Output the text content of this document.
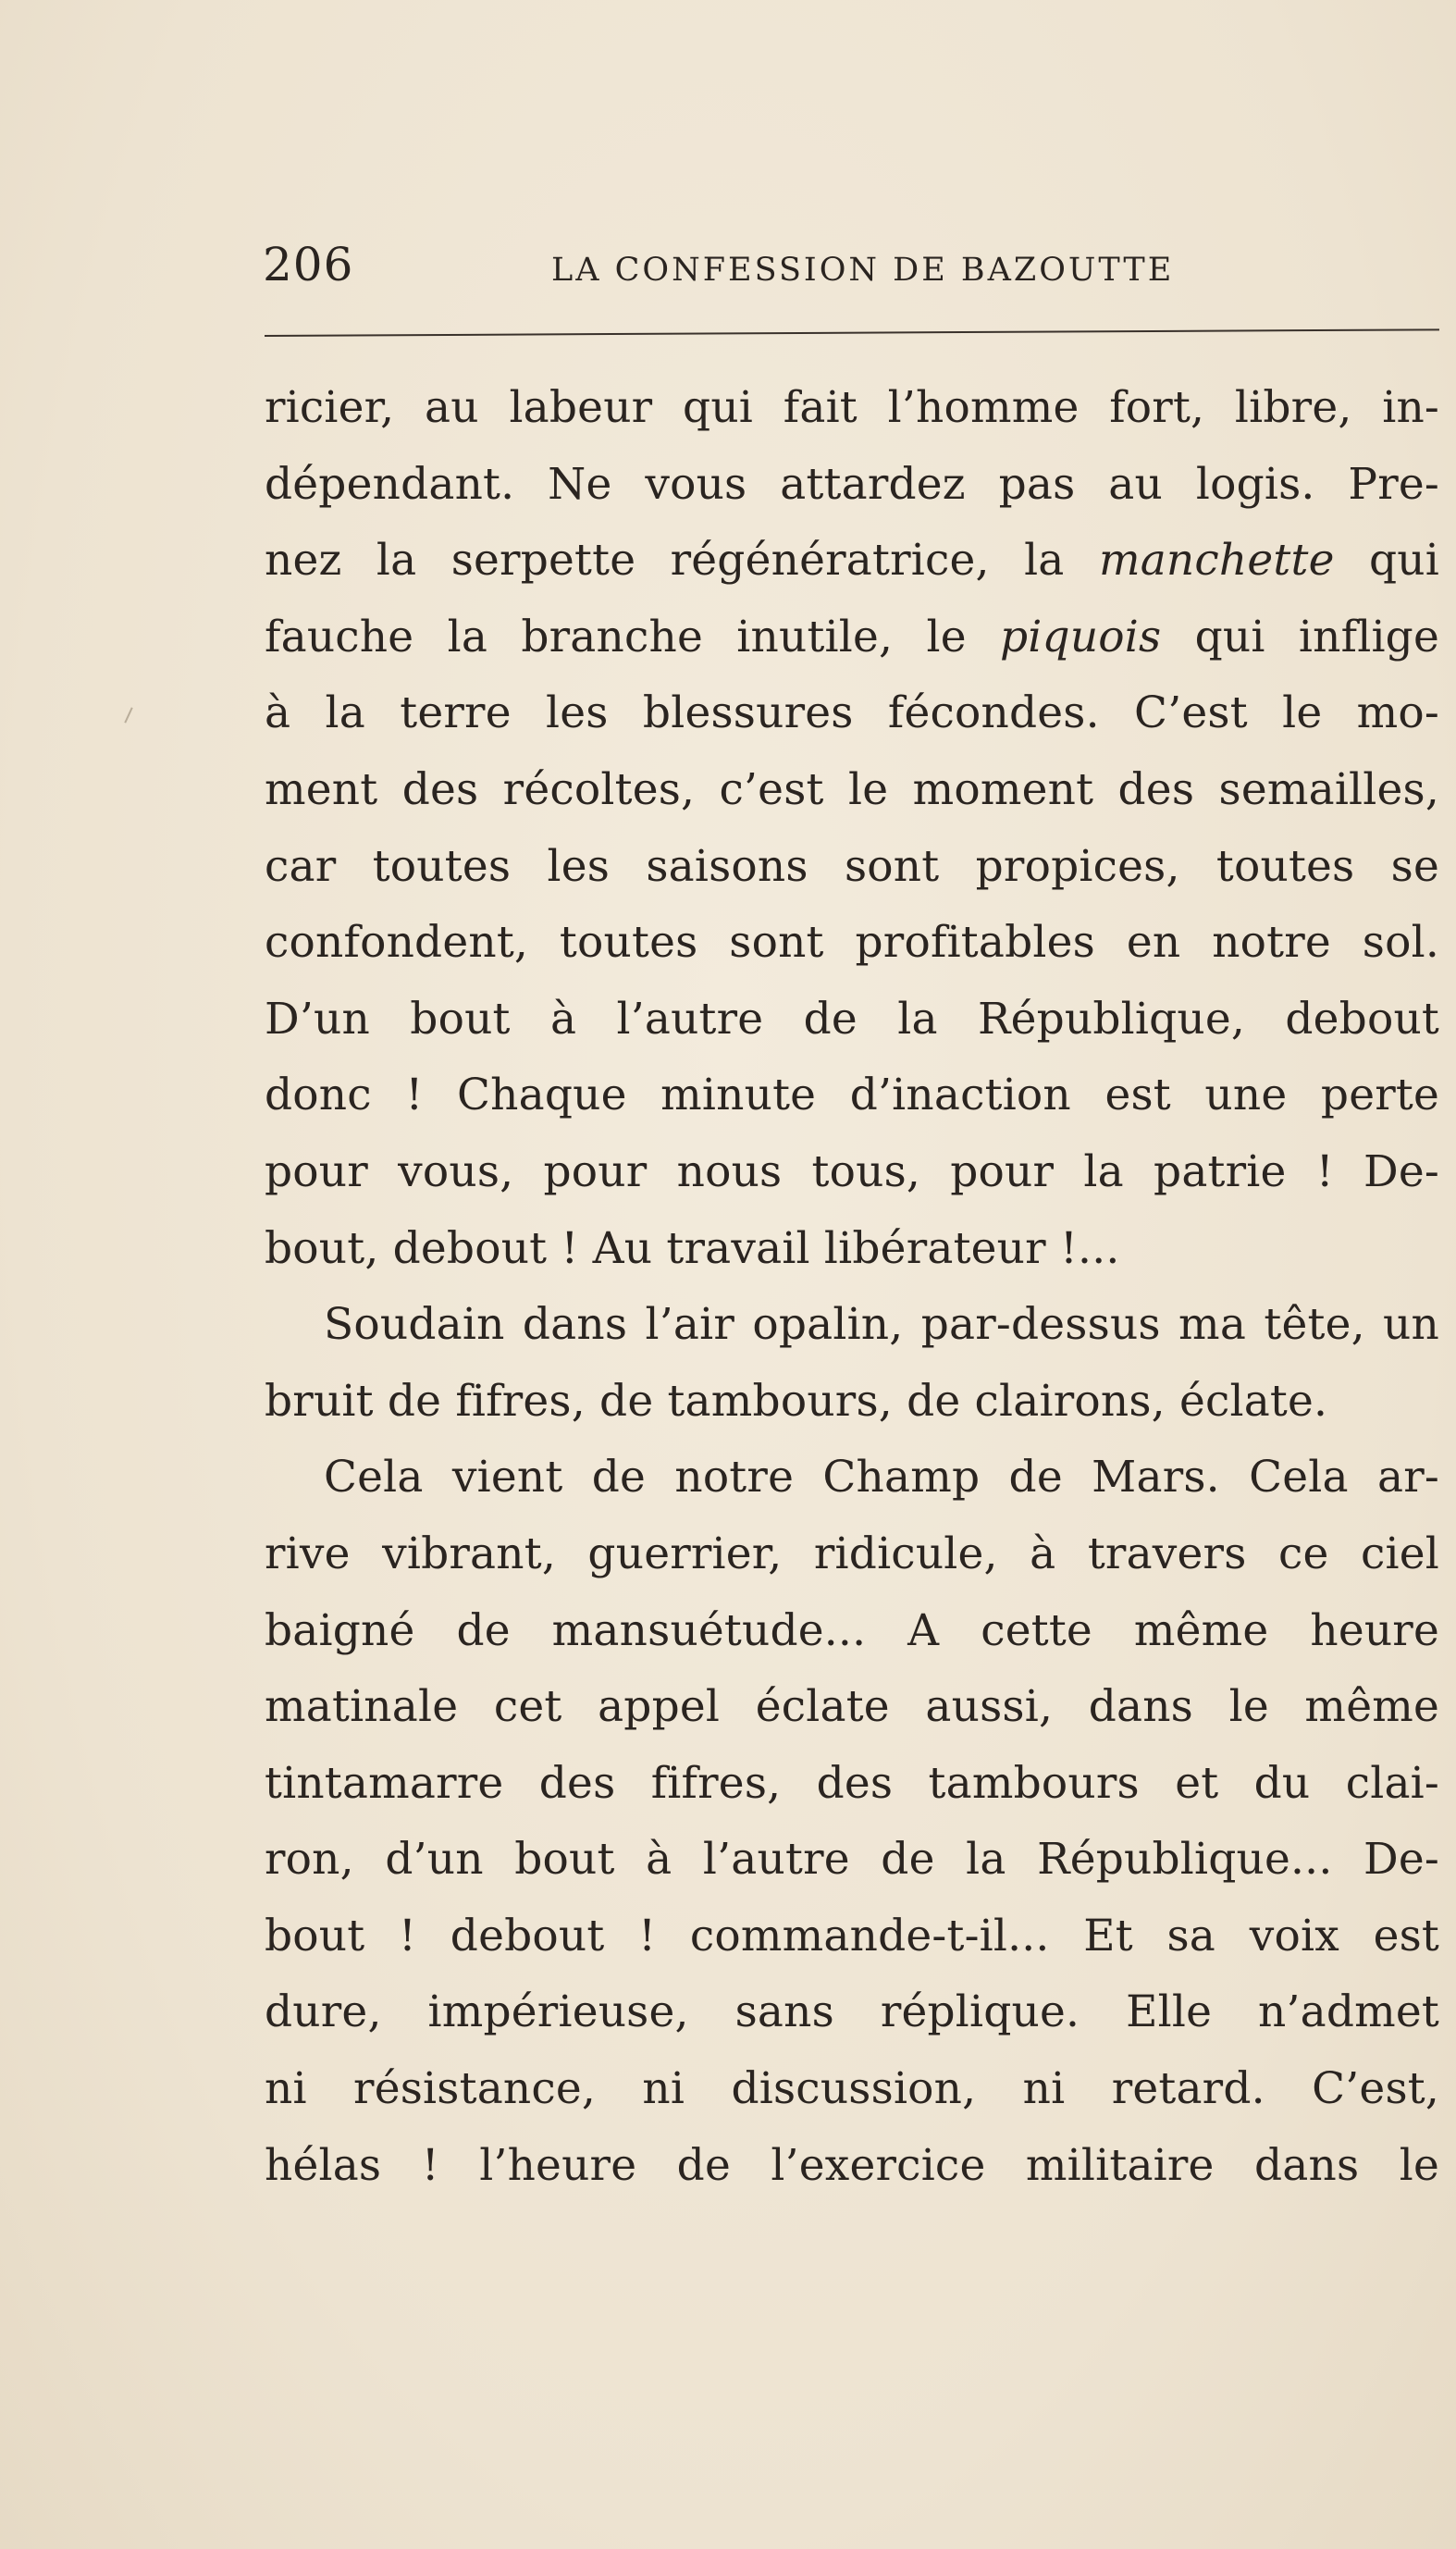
206	LA CONFESSION DE BAZOUTTE
ricier, au labeur qui fait l’homme fort, libre, in-
dépendant. Ne vous attardez pas au logis. Pre-
nez la serpette régénératrice, la manchette qui
fauche la branche inutile, le piquois qui inflige
à la terre les blessures fécondes. C’est le mo-
ment des récoltes, c’est le moment des semailles,
car toutes les saisons sont propices, toutes se
confondent, toutes sont profitables en notre sol.
D’un bout à l’autre de la République, debout
donc ! Chaque minute d’inaction est une perte
pour vous, pour nous tous, pour la patrie ! De-
bout, debout ! Au travail libérateur !...
Soudain dans l’air opalin, par-dessus ma tête, un
bruit de fifres, de tambours, de clairons, éclate.
Cela vient de notre Champ de Mars. Cela ar-
rive vibrant, guerrier, ridicule, à travers ce ciel
baigné de mansuétude... A cette même heure
matinale cet appel éclate aussi, dans le même
tintamarre des fifres, des tambours et du clai-
ron, d’un bout à l’autre de la République... De-
bout ! debout ! commande-t-il... Et sa voix est
dure, impérieuse, sans réplique. Elle n’admet
ni résistance, ni discussion, ni retard. C’est,
hélas ! l’heure de l’exercice militaire dans le
